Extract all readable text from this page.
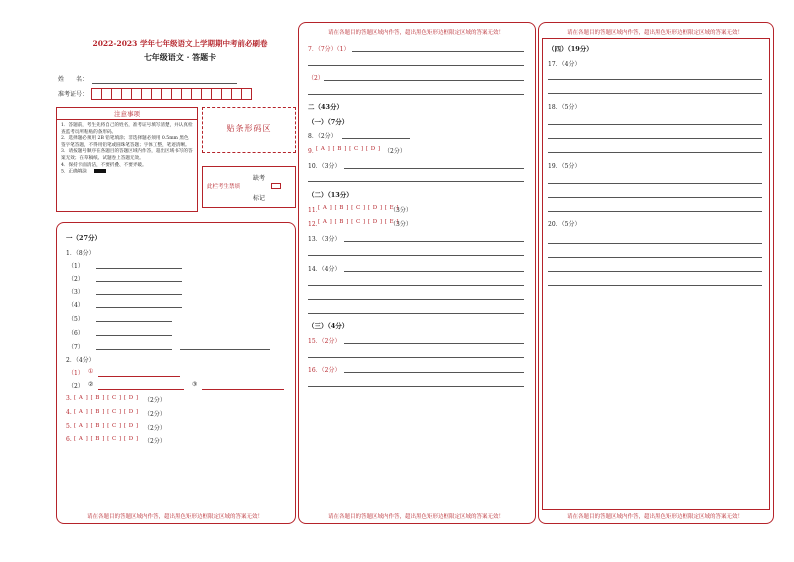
2022-2023 学年七年级语文上学期期中考前必刷卷
七年级语文 · 答题卡
姓　　名：
准考证号：
注意事项
1．答题前，考生先将自己的姓名，准考证号填写清楚，并认真检查监考员所粘贴的条形码。
2．选择题必须用 2B 铅笔填涂；非选择题必须用 0.5mm 黑色签字笔答题，不得用铅笔或圆珠笔答题；字体工整，笔迹清晰。
3．请按题号顺序在各题目的答题区域内作答，超出区域书写的答案无效；在草稿纸、试题卷上答题无效。
4．保持卡面清洁，不要折叠、不要弄破。
5．正确填涂
贴条形码区
此栏考生禁填
缺考
标记
一（27分）
1．（8分）
（1）
（2）
（3）
（4）
（5）
（6）
（7）
2．（4分）
（1） ①
（2） ②	③
3. [ A ] [ B ] [ C ] [ D ] （2分）
4. [ A ] [ B ] [ C ] [ D ] （2分）
5. [ A ] [ B ] [ C ] [ D ] （2分）
6. [ A ] [ B ] [ C ] [ D ] （2分）
请在各题目的答题区域内作答，超出黑色矩形边框限定区域的答案无效！
请在各题目的答题区域内作答，超出黑色矩形边框限定区域的答案无效！
7．（7分）（1）
（2）
二（43分）
（一）（7分）
8．（2分）
9．
[ A ] [ B ] [ C ] [ D ] （2分）
10．（3分）
（二）（13分）
11．
[ A ] [ B ] [ C ] [ D ] [ E ]
（3分）
12．
[ A ] [ B ] [ C ] [ D ] [ E ]
（3分）
13．（3分）
14．（4分）
（三）（4分）
15．（2分）
16．（2分）
请在各题目的答题区域内作答，超出黑色矩形边框限定区域的答案无效！
请在各题目的答题区域内作答，超出黑色矩形边框限定区域的答案无效！
（四）（19分）
17．（4分）
18．（5分）
19．（5分）
20．（5分）
请在各题目的答题区域内作答，超出黑色矩形边框限定区域的答案无效！
